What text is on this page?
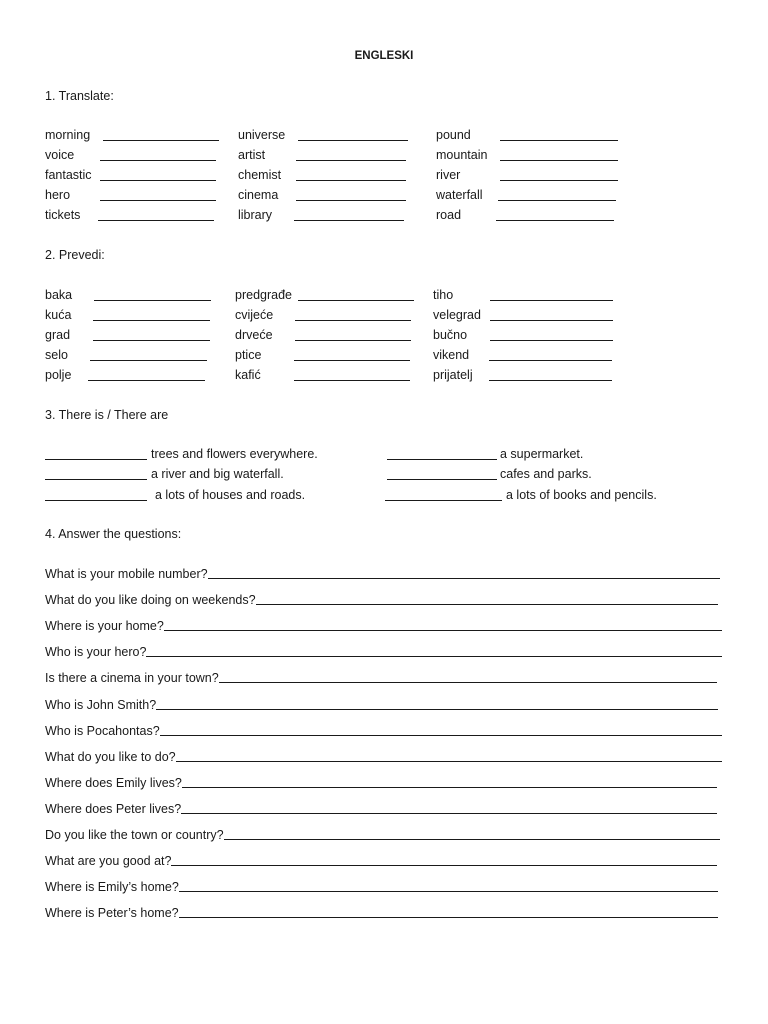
ENGLESKI
1. Translate:
morning
voice
fantastic
hero
tickets
universe
artist
chemist
cinema
library
pound
mountain
river
waterfall
road
2. Prevedi:
baka
kuća
grad
selo
polje
predgrađe
cvijeće
drveće
ptice
kafić
tiho
velegrad
bučno
vikend
prijatelj
3. There is / There are
trees and flowers everywhere.
a river and big waterfall.
a lots of houses and roads.
a supermarket.
cafes and parks.
a lots of books and pencils.
4. Answer the questions:
What is your mobile number?
What do you like doing on weekends?
Where is your home?
Who is your hero?
Is there a cinema in your town?
Who is John Smith?
Who is Pocahontas?
What do you like to do?
Where does Emily lives?
Where does Peter lives?
Do you like the town or country?
What are you good at?
Where is Emily’s home?
Where is Peter’s home?
